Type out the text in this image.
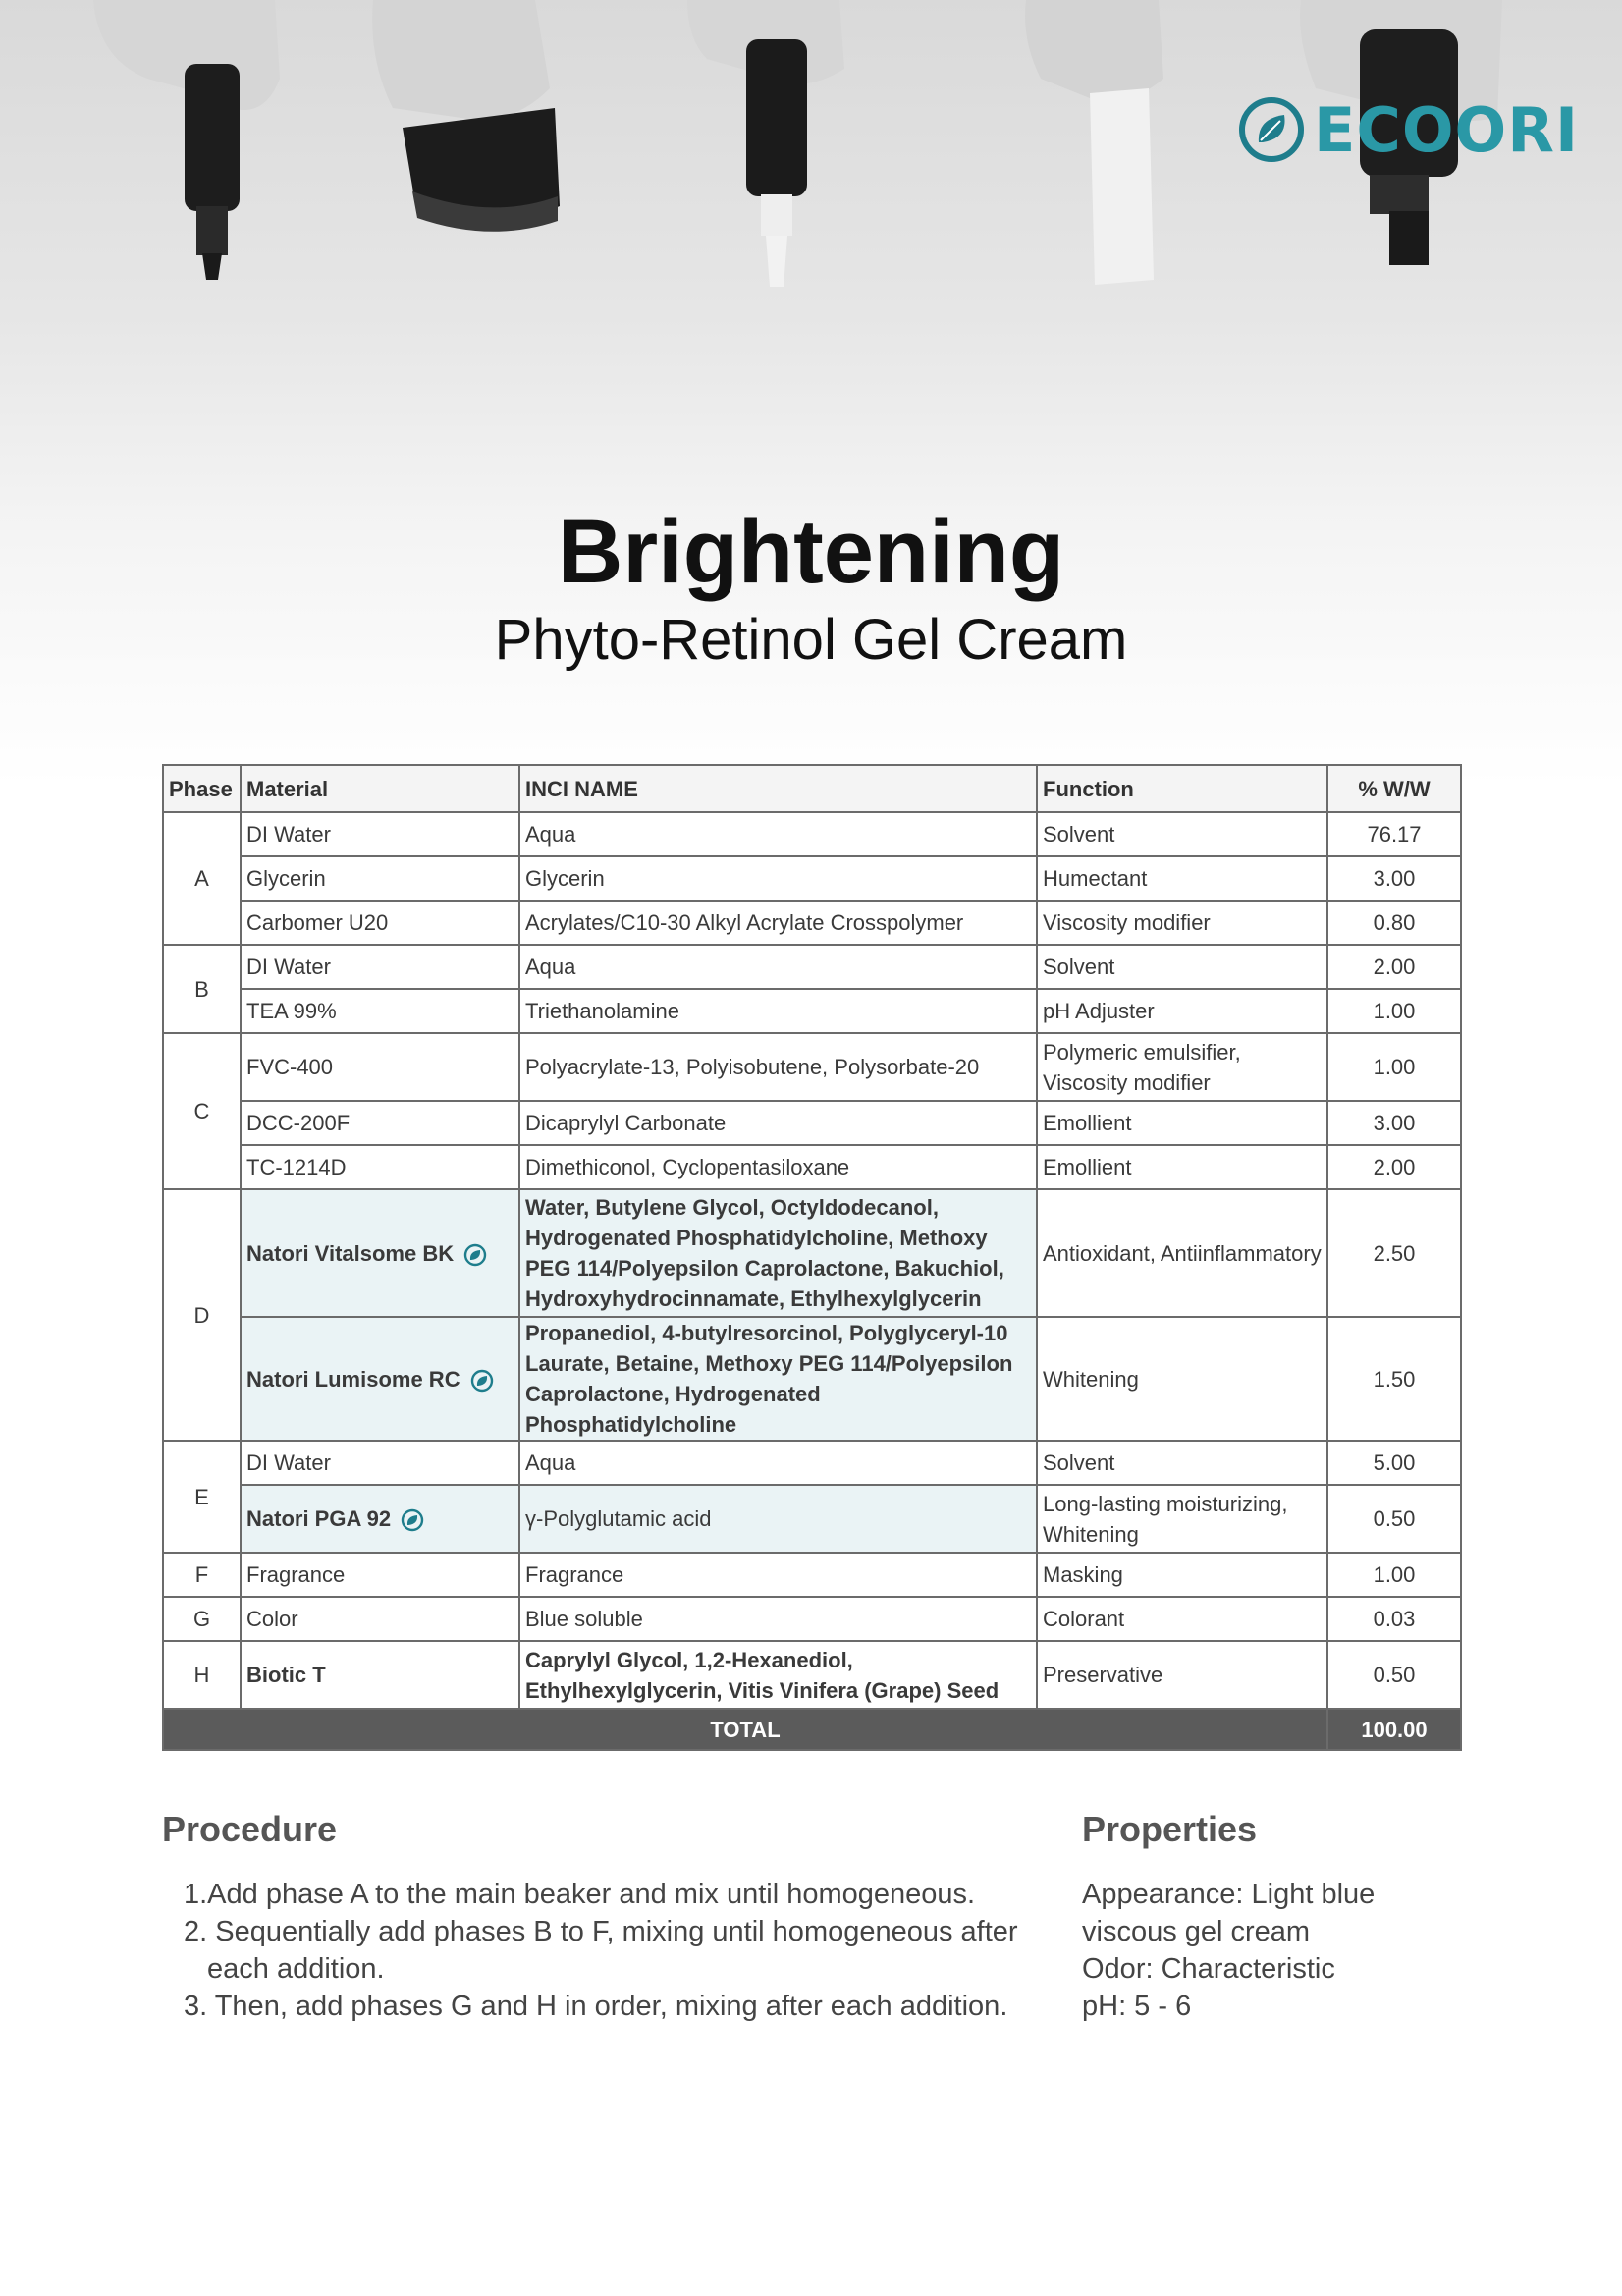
ECOORI
Brightening
Phyto-Retinol Gel Cream
Phase	Material	INCI NAME	Function	% W/W
A	DI Water	Aqua	Solvent	76.17
	Glycerin	Glycerin	Humectant	3.00
	Carbomer U20	Acrylates/C10-30 Alkyl Acrylate Crosspolymer	Viscosity modifier	0.80
B	DI Water	Aqua	Solvent	2.00
	TEA 99%	Triethanolamine	pH Adjuster	1.00
C	FVC-400	Polyacrylate-13, Polyisobutene, Polysorbate-20	Polymeric emulsifier, Viscosity modifier	1.00
	DCC-200F	Dicaprylyl Carbonate	Emollient	3.00
	TC-1214D	Dimethiconol, Cyclopentasiloxane	Emollient	2.00
D	Natori Vitalsome BK	Water, Butylene Glycol, Octyldodecanol, Hydrogenated Phosphatidylcholine, Methoxy PEG 114/Polyepsilon Caprolactone, Bakuchiol, Hydroxyhydrocinnamate, Ethylhexylglycerin	Antioxidant, Antiinflammatory	2.50
	Natori Lumisome RC	Propanediol, 4-butylresorcinol, Polyglyceryl-10 Laurate, Betaine, Methoxy PEG 114/Polyepsilon Caprolactone, Hydrogenated Phosphatidylcholine	Whitening	1.50
E	DI Water	Aqua	Solvent	5.00
	Natori PGA 92	γ-Polyglutamic acid	Long-lasting moisturizing, Whitening	0.50
F	Fragrance	Fragrance	Masking	1.00
G	Color	Blue soluble	Colorant	0.03
H	Biotic T	Caprylyl Glycol, 1,2-Hexanediol, Ethylhexylglycerin, Vitis Vinifera (Grape) Seed	Preservative	0.50
TOTAL				100.00
Procedure
1.Add phase A to the main beaker and mix until homogeneous.
2. Sequentially add phases B to F, mixing until homogeneous after each addition.
3. Then, add phases G and H in order, mixing after each addition.
Properties
Appearance: Light blue viscous gel cream
Odor: Characteristic
pH: 5 - 6
